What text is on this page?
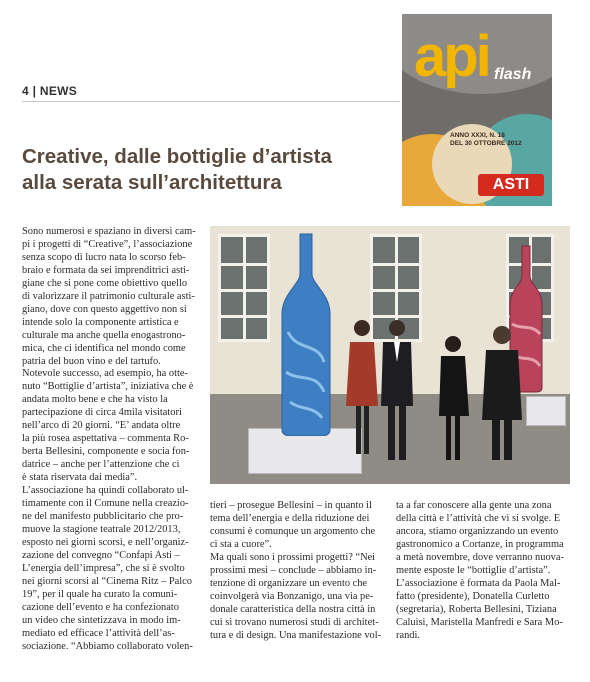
4 | NEWS
Creative, dalle bottiglie d’artista
alla serata sull’architettura
api flash
ANNO XXXI, N. 18
DEL 30 OTTOBRE 2012
ASTI
Sono numerosi e spaziano in diversi cam-
pi i progetti di “Creative”, l’associazione
senza scopo di lucro nata lo scorso feb-
braio e formata da sei imprenditrici asti-
giane che si pone come obiettivo quello
di valorizzare il patrimonio culturale asti-
giano, dove con questo aggettivo non si
intende solo la componente artistica e
culturale ma anche quella enogastrono-
mica, che ci identifica nel mondo come
patria del buon vino e del tartufo.
Notevole successo, ad esempio, ha otte-
nuto “Bottiglie d’artista”, iniziativa che è
andata molto bene e che ha visto la
partecipazione di circa 4mila visitatori
nell’arco di 20 giorni. “E’ andata oltre
la più rosea aspettativa – commenta Ro-
berta Bellesini, componente e socia fon-
datrice – anche per l’attenzione che ci
è stata riservata dai media”.
L’associazione ha quindi collaborato ul-
timamente con il Comune nella creazio-
ne del manifesto pubblicitario che pro-
muove la stagione teatrale 2012/2013,
esposto nei giorni scorsi, e nell’organiz-
zazione del convegno “Confapi Asti –
L’energia dell’impresa”, che si è svolto
nei giorni scorsi al “Cinema Ritz – Palco
19”, per il quale ha curato la comuni-
cazione dell’evento e ha confezionato
un video che sintetizzava in modo im-
mediato ed efficace l’attività dell’as-
sociazione. “Abbiamo collaborato volen-
tieri – prosegue Bellesini – in quanto il
tema dell’energia e della riduzione dei
consumi è comunque un argomento che
ci sta a cuore”.
Ma quali sono i prossimi progetti? “Nei
prossimi mesi – conclude – abbiamo in-
tenzione di organizzare un evento che
coinvolgerà via Bonzanigo, una via pe-
donale caratteristica della nostra città in
cui si trovano numerosi studi di architet-
tura e di design. Una manifestazione vol-
ta a far conoscere alla gente una zona
della città e l’attività che vi si svolge. E
ancora, stiamo organizzando un evento
gastronomico a Cortanze, in programma
a metà novembre, dove verranno nuova-
mente esposte le “bottiglie d’artista”.
L’associazione è formata da Paola Mal-
fatto (presidente), Donatella Curletto
(segretaria), Roberta Bellesini, Tiziana
Caluisi, Maristella Manfredi e Sara Mo-
randi.
